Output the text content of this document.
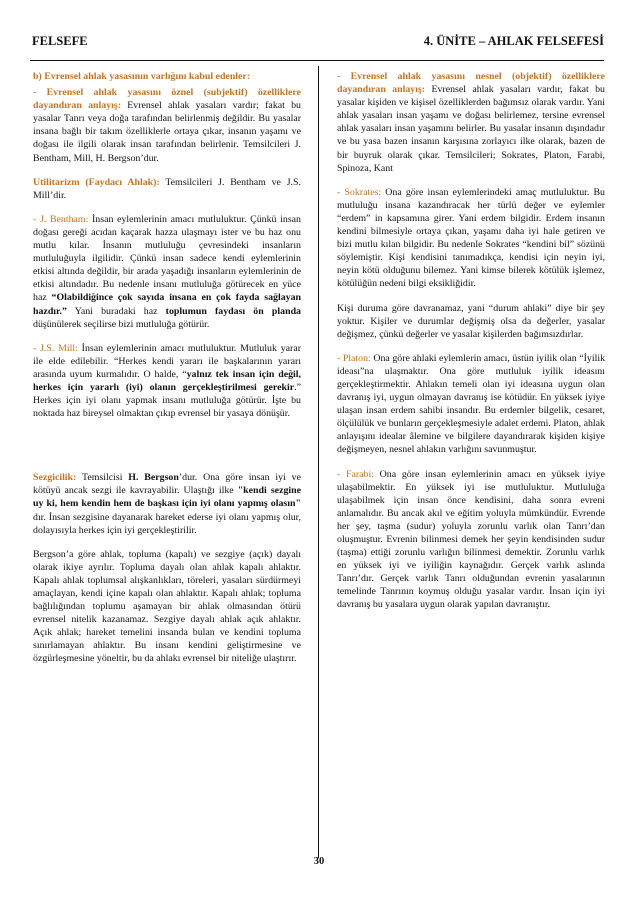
FELSEFE	4. ÜNİTE – AHLAK FELSEFESİ

b) Evrensel ahlak yasasının varlığını kabul edenler:

- Evrensel ahlak yasasını öznel (subjektif) özelliklere dayandıran anlayış: Evrensel ahlak yasaları vardır; fakat bu yasalar Tanrı veya doğa tarafından belirlenmiş değildir. Bu yasalar insana bağlı bir takım özelliklerle ortaya çıkar, insanın yaşamı ve doğası ile ilgili olarak insan tarafından belirlenir. Temsilcileri J. Bentham, Mill, H. Bergson’dur.

Utilitarizm (Faydacı Ahlak): Temsilcileri J. Bentham ve J.S. Mill’dir.

- J. Bentham: İnsan eylemlerinin amacı mutluluktur. Çünkü insan doğası gereği acıdan kaçarak hazza ulaşmayı ister ve bu haz onu mutlu kılar. İnsanın mutluluğu çevresindeki insanların mutluluğuyla ilgilidir. Çünkü insan sadece kendi eylemlerinin etkisi altında değildir, bir arada yaşadığı insanların eylemlerinin de etkisi altındadır. Bu nedenle insanı mutluluğa götürecek en yüce haz “Olabildiğince çok sayıda insana en çok fayda sağlayan hazdır.” Yani buradaki haz toplumun faydası ön planda düşünülerek seçilirse bizi mutluluğa götürür.

- J.S. Mill: İnsan eylemlerinin amacı mutluluktur. Mutluluk yarar ile elde edilebilir. “Herkes kendi yararı ile başkalarının yararı arasında uyum kurmalıdır. O halde, “yalnız tek insan için değil, herkes için yararlı (iyi) olanın gerçekleştirilmesi gerekir.” Herkes için iyi olanı yapmak insanı mutluluğa götürür. İşte bu noktada haz bireysel olmaktan çıkıp evrensel bir yasaya dönüşür.

Sezgicilik: Temsilcisi H. Bergson’dur. Ona göre insan iyi ve kötüyü ancak sezgi ile kavrayabilir. Ulaştığı ilke "kendi sezgine uy ki, hem kendin hem de başkası için iyi olanı yapmış olasın" dır. İnsan sezgisine dayanarak hareket ederse iyi olanı yapmış olur, dolayısıyla herkes için iyi gerçekleştirilir.

Bergson’a göre ahlak, topluma (kapalı) ve sezgiye (açık) dayalı olarak ikiye ayrılır. Topluma dayalı olan ahlak kapalı ahlaktır. Kapalı ahlak toplumsal alışkanlıkları, töreleri, yasaları sürdürmeyi amaçlayan, kendi içine kapalı olan ahlaktır. Kapalı ahlak; topluma bağlılığından toplumu aşamayan bir ahlak olmasından ötürü evrensel nitelik kazanamaz. Sezgiye dayalı ahlak açık ahlaktır. Açık ahlak; hareket temelini insanda bulan ve kendini topluma sınırlamayan ahlaktır. Bu insanı kendini geliştirmesine ve özgürleşmesine yöneltir, bu da ahlakı evrensel bir niteliğe ulaştırır.

- Evrensel ahlak yasasını nesnel (objektif) özelliklere dayandıran anlayış: Evrensel ahlak yasaları vardır, fakat bu yasalar kişiden ve kişisel özelliklerden bağımsız olarak vardır. Yani ahlak yasaları insan yaşamı ve doğası belirlemez, tersine evrensel ahlak yasaları insan yaşamını belirler. Bu yasalar insanın dışındadır ve bu yasa bazen insanın karşısına zorlayıcı ilke olarak, bazen de bir buyruk olarak çıkar. Temsilcileri; Sokrates, Platon, Farabi, Spinoza, Kant

- Sokrates: Ona göre insan eylemlerindeki amaç mutluluktur. Bu mutluluğu insana kazandıracak her türlü değer ve eylemler “erdem” in kapsamına girer. Yani erdem bilgidir. Erdem insanın kendini bilmesiyle ortaya çıkan, yaşamı daha iyi hale getiren ve bizi mutlu kılan bilgidir. Bu nedenle Sokrates “kendini bil” sözünü söylemiştir. Kişi kendisini tanımadıkça, kendisi için neyin iyi, neyin kötü olduğunu bilemez. Yani kimse bilerek kötülük işlemez, kötülüğün nedeni bilgi eksikliğidir.

Kişi duruma göre davranamaz, yani “durum ahlaki” diye bir şey yoktur. Kişiler ve durumlar değişmiş olsa da değerler, yasalar değişmez, çünkü değerler ve yasalar kişilerden bağımsızdırlar.

- Platon: Ona göre ahlaki eylemlerin amacı, üstün iyilik olan “İyilik ideası”na ulaşmaktır. Ona göre mutluluk iyilik ideasını gerçekleştirmektir. Ahlakın temeli olan iyi ideasına uygun olan davranış iyi, uygun olmayan davranış ise kötüdür. En yüksek iyiye ulaşan insan erdem sahibi insandır. Bu erdemler bilgelik, cesaret, ölçülülük ve bunların gerçekleşmesiyle adalet erdemi. Platon, ahlak anlayışını idealar âlemine ve bilgilere dayandırarak kişiden kişiye değişmeyen, nesnel ahlakın varlığını savunmuştur.

- Farabi: Ona göre insan eylemlerinin amacı en yüksek iyiye ulaşabilmektir. En yüksek iyi ise mutluluktur. Mutluluğa ulaşabilmek için insan önce kendisini, daha sonra evreni anlamalıdır. Bu ancak akıl ve eğitim yoluyla mümkündür. Evrende her şey, taşma (sudur) yoluyla zorunlu varlık olan Tanrı’dan oluşmuştur. Evrenin bilinmesi demek her şeyin kendisinden sudur (taşma) ettiği zorunlu varlığın bilinmesi demektir. Zorunlu varlık en yüksek iyi ve iyiliğin kaynağıdır. Gerçek varlık aslında Tanrı’dır. Gerçek varlık Tanrı olduğundan evrenin yasalarının temelinde Tanrının koymuş olduğu yasalar vardır. İnsan için iyi davranış bu yasalara uygun olarak yapılan davranıştır.

30
